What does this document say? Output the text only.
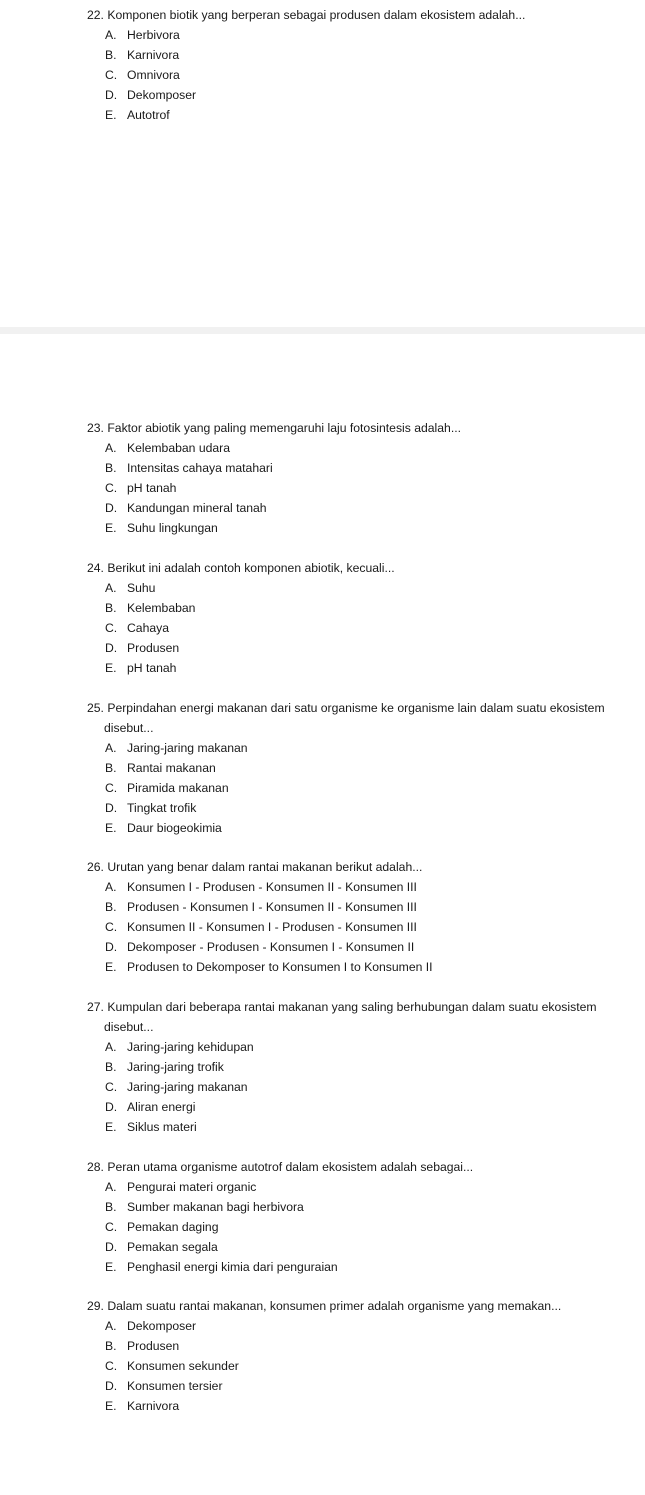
22. Komponen biotik yang berperan sebagai produsen dalam ekosistem adalah...
A. Herbivora
B. Karnivora
C. Omnivora
D. Dekomposer
E. Autotrof
23. Faktor abiotik yang paling memengaruhi laju fotosintesis adalah...
A. Kelembaban udara
B. Intensitas cahaya matahari
C. pH tanah
D. Kandungan mineral tanah
E. Suhu lingkungan
24. Berikut ini adalah contoh komponen abiotik, kecuali...
A. Suhu
B. Kelembaban
C. Cahaya
D. Produsen
E. pH tanah
25. Perpindahan energi makanan dari satu organisme ke organisme lain dalam suatu ekosistem
disebut...
A. Jaring-jaring makanan
B. Rantai makanan
C. Piramida makanan
D. Tingkat trofik
E. Daur biogeokimia
26. Urutan yang benar dalam rantai makanan berikut adalah...
A. Konsumen I - Produsen - Konsumen II - Konsumen III
B. Produsen - Konsumen I - Konsumen II - Konsumen III
C. Konsumen II - Konsumen I - Produsen - Konsumen III
D. Dekomposer - Produsen - Konsumen I - Konsumen II
E. Produsen to Dekomposer to Konsumen I to Konsumen II
27. Kumpulan dari beberapa rantai makanan yang saling berhubungan dalam suatu ekosistem
disebut...
A. Jaring-jaring kehidupan
B. Jaring-jaring trofik
C. Jaring-jaring makanan
D. Aliran energi
E. Siklus materi
28. Peran utama organisme autotrof dalam ekosistem adalah sebagai...
A. Pengurai materi organic
B. Sumber makanan bagi herbivora
C. Pemakan daging
D. Pemakan segala
E. Penghasil energi kimia dari penguraian
29. Dalam suatu rantai makanan, konsumen primer adalah organisme yang memakan...
A. Dekomposer
B. Produsen
C. Konsumen sekunder
D. Konsumen tersier
E. Karnivora
